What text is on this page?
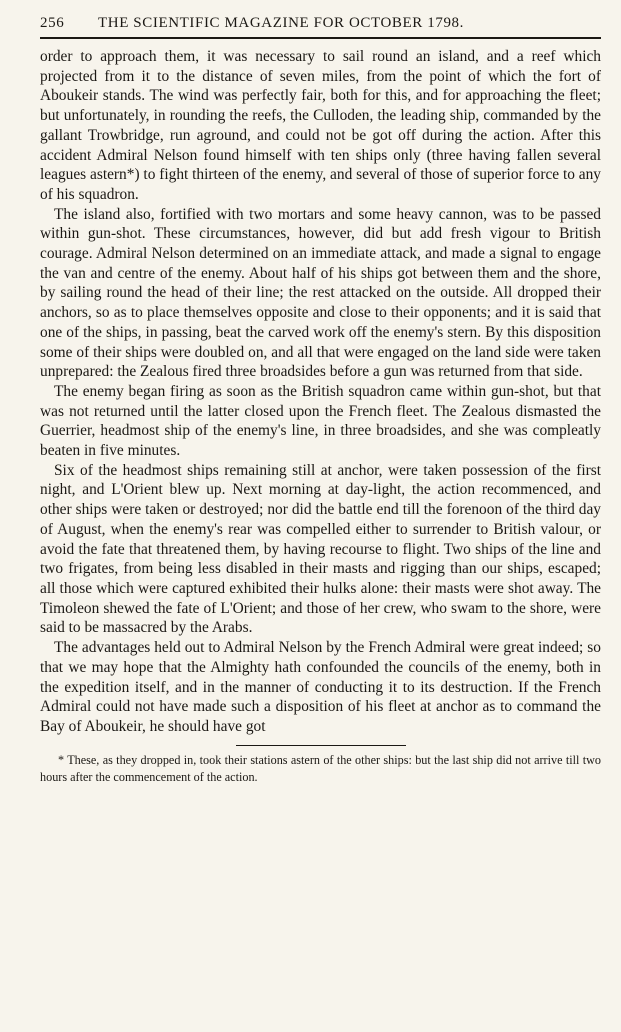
256	THE SCIENTIFIC MAGAZINE FOR OCTOBER 1798.

order to approach them, it was necessary to sail round an island, and a reef which projected from it to the distance of seven miles, from the point of which the fort of Aboukeir stands. The wind was perfectly fair, both for this, and for approaching the fleet; but unfortunately, in rounding the reefs, the Culloden, the leading ship, commanded by the gallant Trowbridge, run aground, and could not be got off during the action. After this accident Admiral Nelson found himself with ten ships only (three having fallen several leagues astern*) to fight thirteen of the enemy, and several of those of superior force to any of his squadron.

The island also, fortified with two mortars and some heavy cannon, was to be passed within gun-shot. These circumstances, however, did but add fresh vigour to British courage. Admiral Nelson determined on an immediate attack, and made a signal to engage the van and centre of the enemy. About half of his ships got between them and the shore, by sailing round the head of their line; the rest attacked on the outside. All dropped their anchors, so as to place themselves opposite and close to their opponents; and it is said that one of the ships, in passing, beat the carved work off the enemy's stern. By this disposition some of their ships were doubled on, and all that were engaged on the land side were taken unprepared: the Zealous fired three broadsides before a gun was returned from that side.

The enemy began firing as soon as the British squadron came within gun-shot, but that was not returned until the latter closed upon the French fleet. The Zealous dismasted the Guerrier, headmost ship of the enemy's line, in three broadsides, and she was compleatly beaten in five minutes.

Six of the headmost ships remaining still at anchor, were taken possession of the first night, and L'Orient blew up. Next morning at day-light, the action recommenced, and other ships were taken or destroyed; nor did the battle end till the forenoon of the third day of August, when the enemy's rear was compelled either to surrender to British valour, or avoid the fate that threatened them, by having recourse to flight. Two ships of the line and two frigates, from being less disabled in their masts and rigging than our ships, escaped; all those which were captured exhibited their hulks alone: their masts were shot away. The Timoleon shewed the fate of L'Orient; and those of her crew, who swam to the shore, were said to be massacred by the Arabs.

The advantages held out to Admiral Nelson by the French Admiral were great indeed; so that we may hope that the Almighty hath confounded the councils of the enemy, both in the expedition itself, and in the manner of conducting it to its destruction. If the French Admiral could not have made such a disposition of his fleet at anchor as to command the Bay of Aboukeir, he should have got

* These, as they dropped in, took their stations astern of the other ships: but the last ship did not arrive till two hours after the commencement of the action.
